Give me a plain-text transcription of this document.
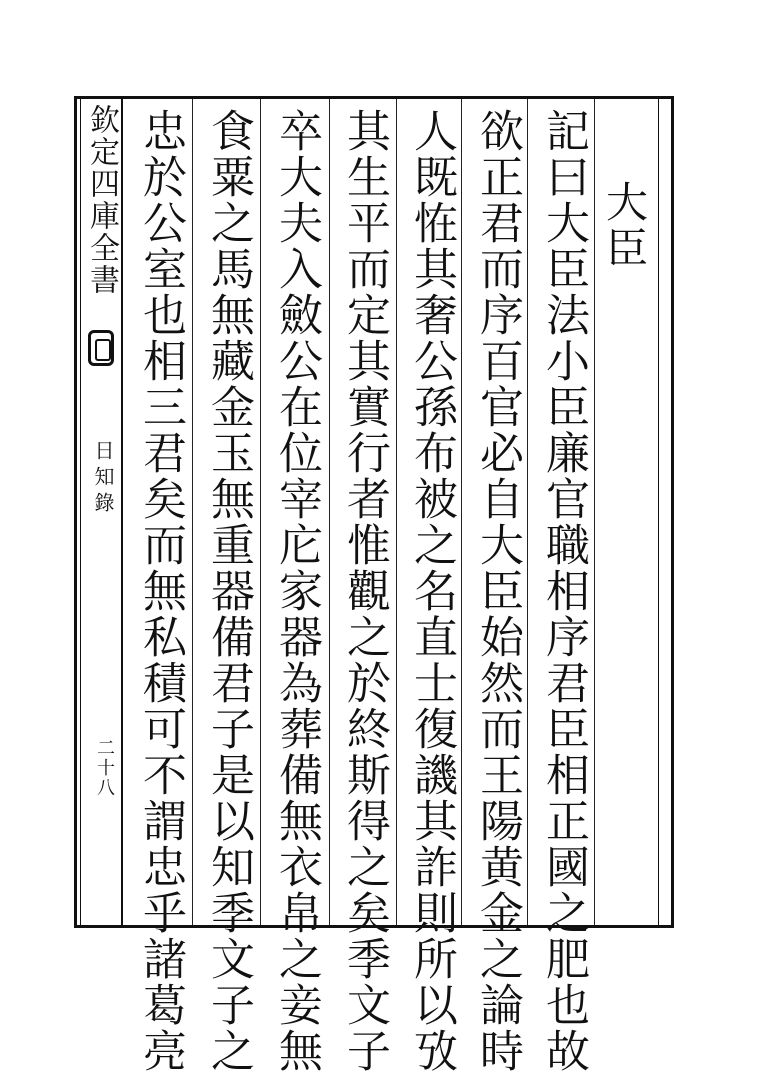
欽定四庫全書
日知錄
二十八
大臣
記曰大臣法小臣廉官職相序君臣相正國之肥也故
欲正君而序百官必自大臣始然而王陽黄金之論時
人既恠其奢公孫布被之名直士復譏其詐則所以攷
其生平而定其實行者惟觀之於終斯得之矣季文子
卒大夫入斂公在位宰庀家器為葬備無衣帛之妾無
食粟之馬無藏金玉無重器備君子是以知季文子之
忠於公室也相三君矣而無私積可不謂忠乎諸葛亮
